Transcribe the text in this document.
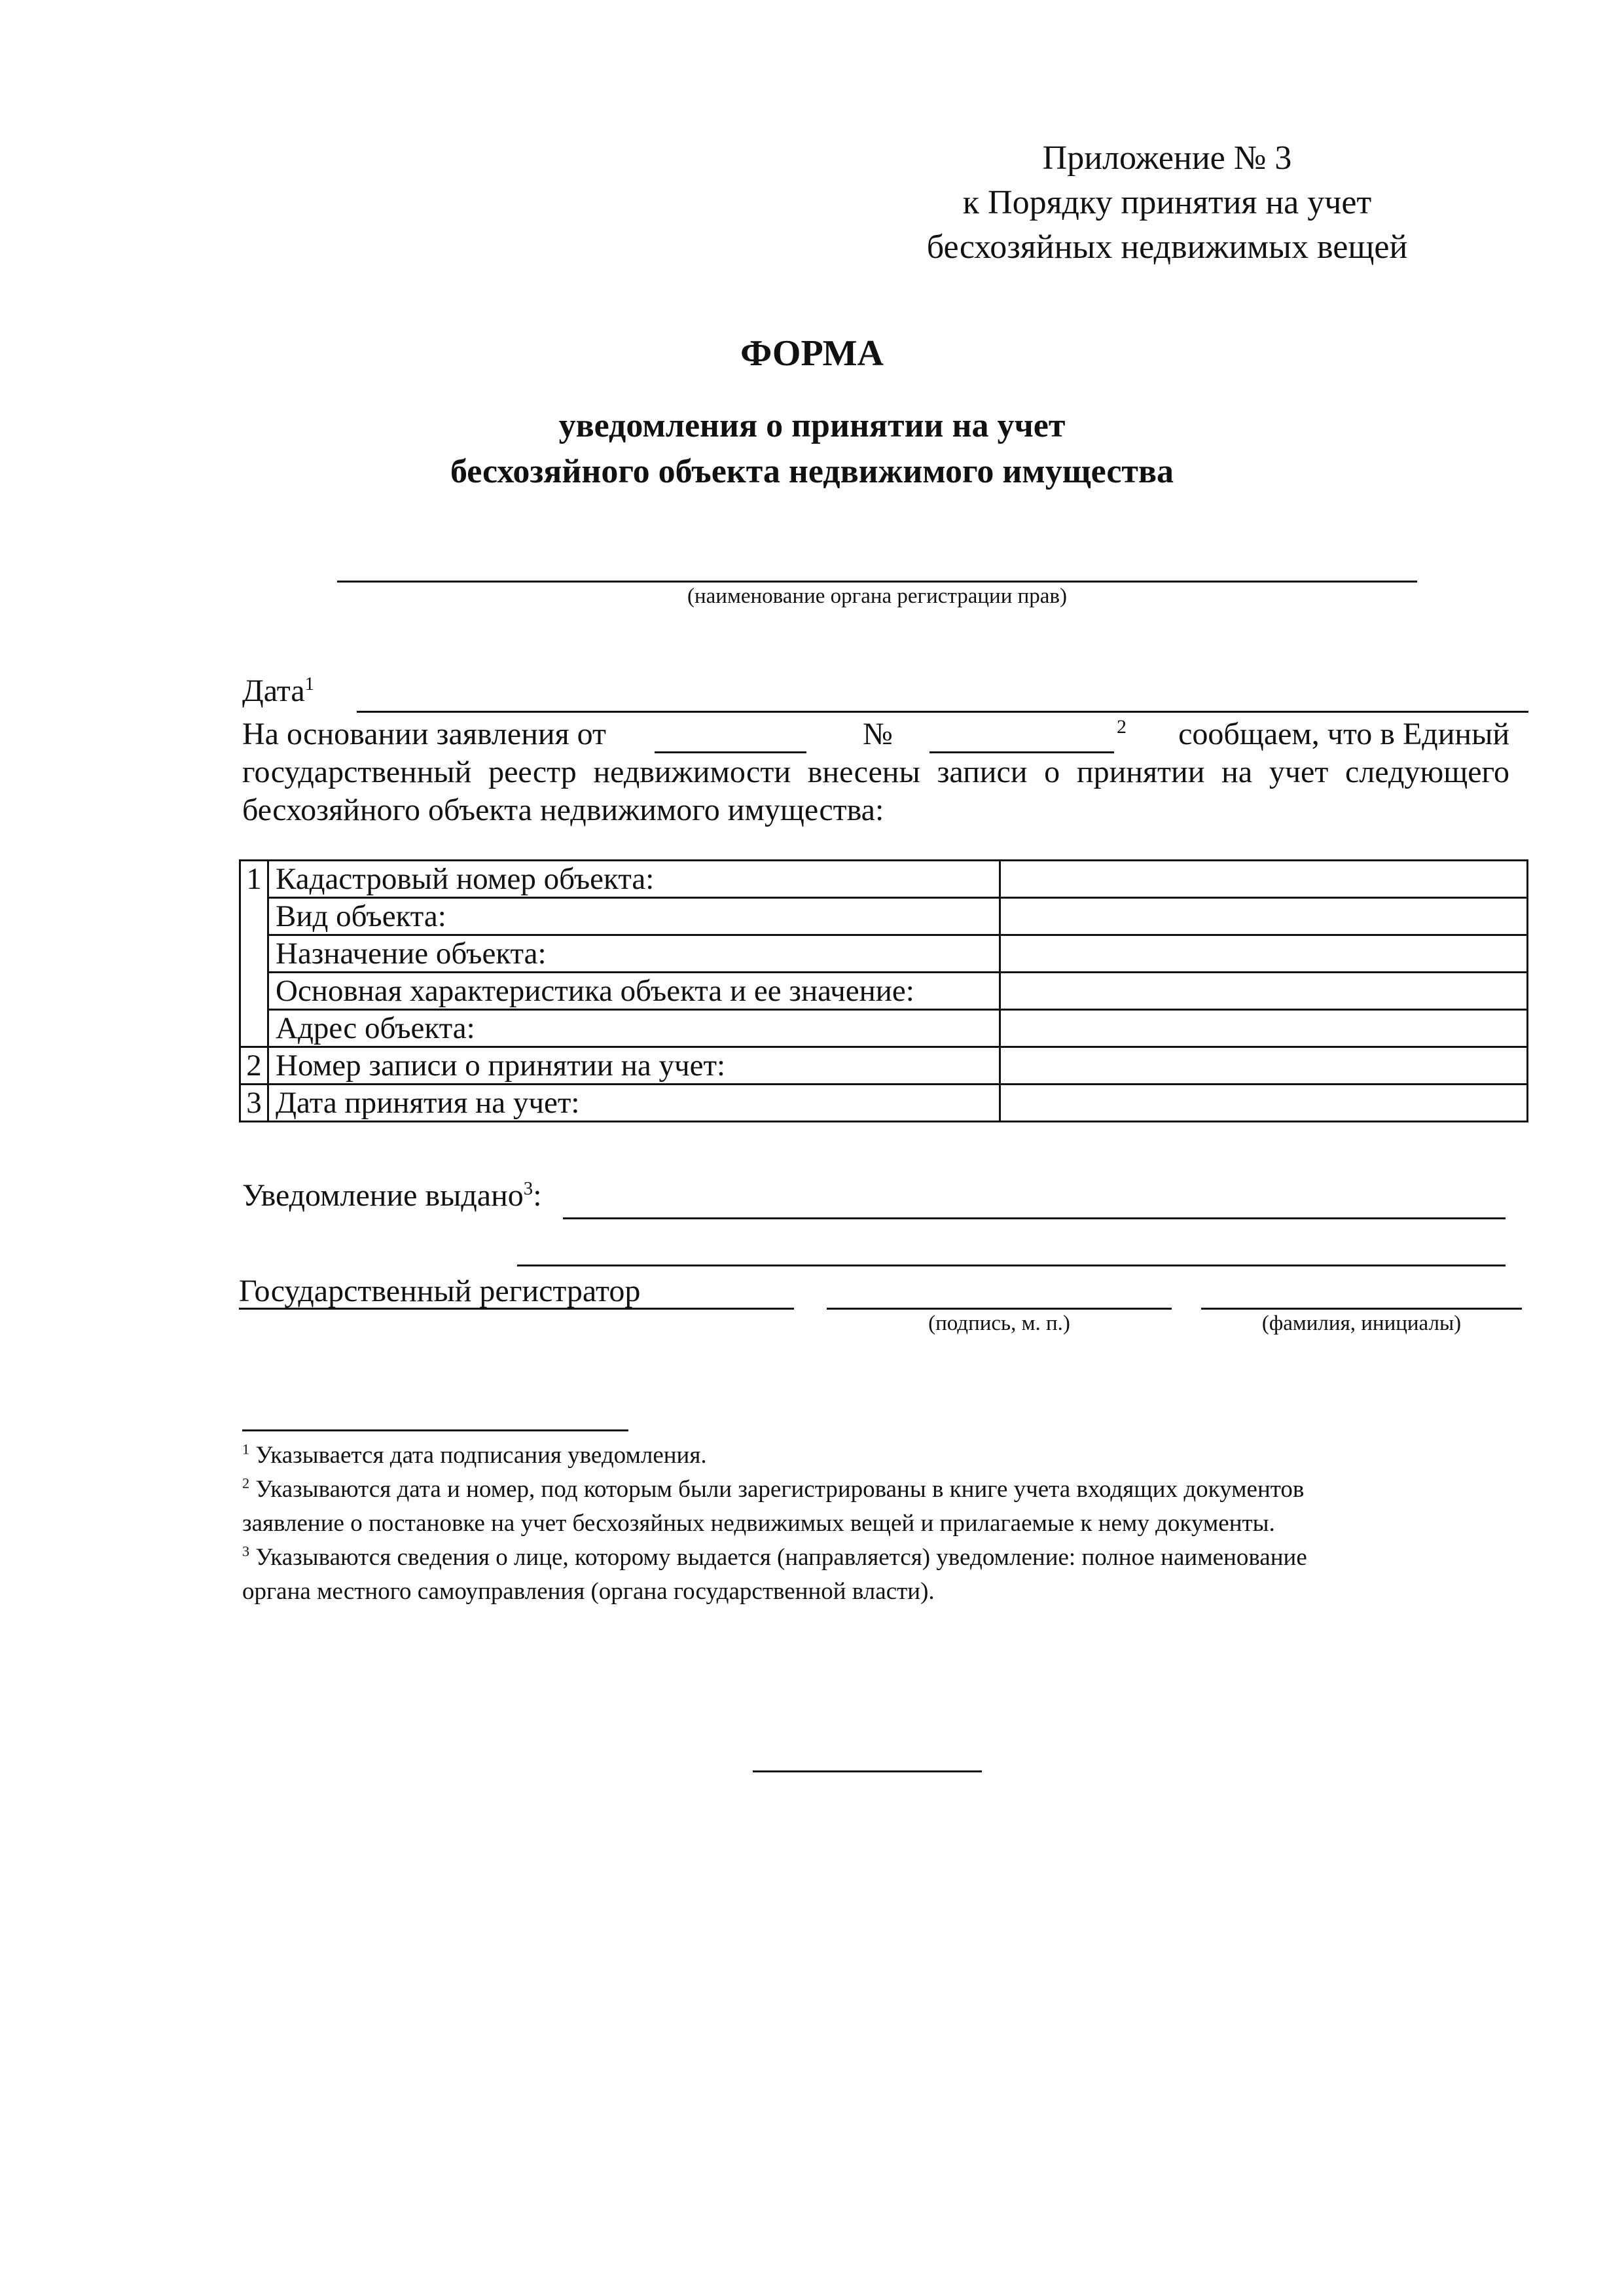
Приложение № 3
к Порядку принятия на учет
бесхозяйных недвижимых вещей
ФОРМА
уведомления о принятии на учет
бесхозяйного объекта недвижимого имущества
(наименование органа регистрации прав)
Дата$^1$
На основании заявления от	№	2 сообщаем, что в Единый
государственный реестр недвижимости внесены записи о принятии на учет следующего
бесхозяйного объекта недвижимого имущества:
1	Кадастровый номер объекта:	
	Вид объекта:	
	Назначение объекта:	
	Основная характеристика объекта и ее значение:	
	Адрес объекта:	
2	Номер записи о принятии на учет:	
3	Дата принятия на учет:	
Уведомление выдано$^3$:
Государственный регистратор
(подпись, м. п.)	(фамилия, инициалы)
$^1$ Указывается дата подписания уведомления.
$^2$ Указываются дата и номер, под которым были зарегистрированы в книге учета входящих документов
заявление о постановке на учет бесхозяйных недвижимых вещей и прилагаемые к нему документы.
$^3$ Указываются сведения о лице, которому выдается (направляется) уведомление: полное наименование
органа местного самоуправления (органа государственной власти).
